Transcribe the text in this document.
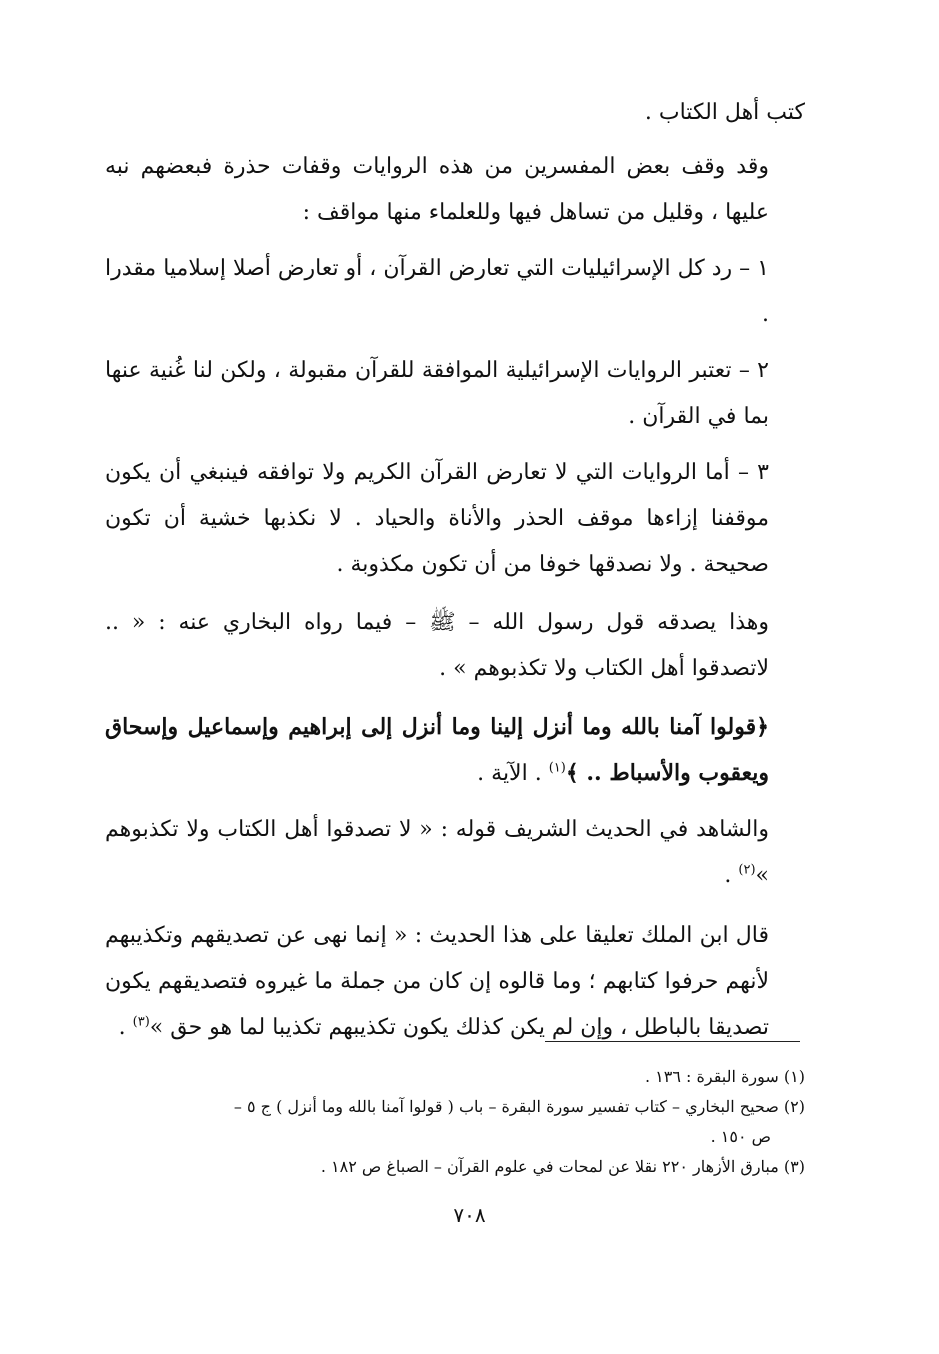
كتب أهل الكتاب .

وقد وقف بعض المفسرين من هذه الروايات وقفات حذرة فبعضهم نبه عليها ، وقليل من تساهل فيها وللعلماء منها مواقف :

١ – رد كل الإسرائيليات التي تعارض القرآن ، أو تعارض أصلا إسلاميا مقدرا .

٢ – تعتبر الروايات الإسرائيلية الموافقة للقرآن مقبولة ، ولكن لنا غُنية عنها بما في القرآن .

٣ – أما الروايات التي لا تعارض القرآن الكريم ولا توافقه فينبغي أن يكون موقفنا إزاءها موقف الحذر والأناة والحياد . لا نكذبها خشية أن تكون صحيحة . ولا نصدقها خوفا من أن تكون مكذوبة .

وهذا يصدقه قول رسول الله – ﷺ – فيما رواه البخاري عنه : « .. لاتصدقوا أهل الكتاب ولا تكذبوهم » .

﴿قولوا آمنا بالله وما أنزل إلينا وما أنزل إلى إبراهيم وإسماعيل وإسحاق ويعقوب والأسباط .. ﴾$^{(١)}$ . الآية .

والشاهد في الحديث الشريف قوله : « لا تصدقوا أهل الكتاب ولا تكذبوهم »$^{(٢)}$ .

قال ابن الملك تعليقا على هذا الحديث : « إنما نهى عن تصديقهم وتكذيبهم لأنهم حرفوا كتابهم ؛ وما قالوه إن كان من جملة ما غيروه فتصديقهم يكون تصديقا بالباطل ، وإن لم يكن كذلك يكون تكذيبهم تكذيبا لما هو حق »$^{(٣)}$ .

(١) سورة البقرة : ١٣٦ .

(٢) صحيح البخاري – كتاب تفسير سورة البقرة – باب ( قولوا آمنا بالله وما أنزل ) ج ٥ –

ص ١٥٠ .

(٣) مبارق الأزهار ٢٢٠ نقلا عن لمحات في علوم القرآن – الصباغ ص ١٨٢ .

٧٠٨
